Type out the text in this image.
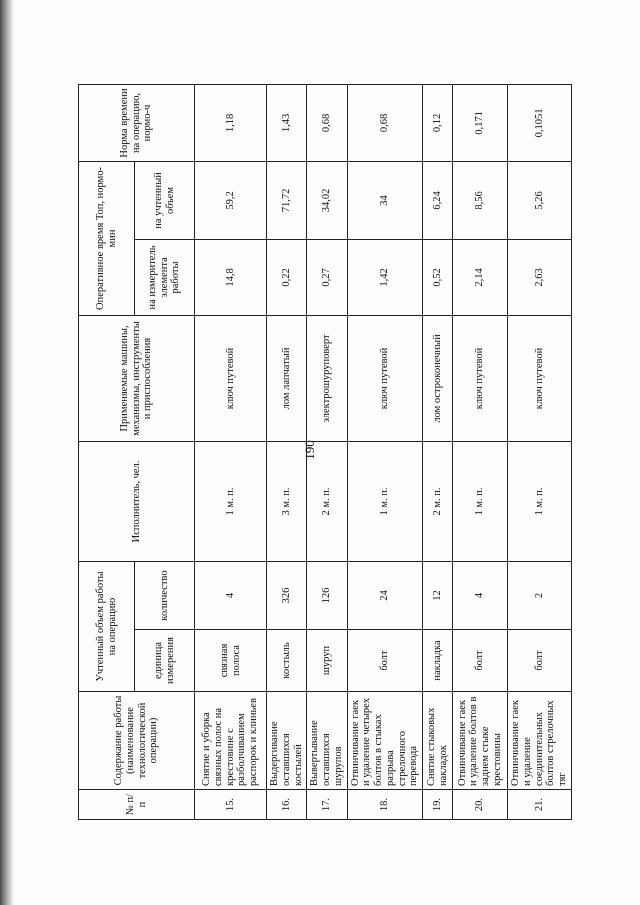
190
№ п/п	Содержание работы (наименование технологической операции)	Учтенный объем работы на операцию		Исполнитель, чел.	Применяемые машины, механизмы, инструменты и приспособления	Оперативное время Топ, нормо-мин		Норма времени на операцию, нормо-ч
		единица измерения	количество			на измеритель элемента работы	на учтенный объем	
15.	Снятие и уборка связных полос на крестовине с разболчиванием распорок и клиньев	связная полоса	4	1 м. п.	ключ путевой	14,8	59,2	1,18
16.	Выдергивание оставшихся костылей	костыль	326	3 м. п.	лом лапчатый	0,22	71,72	1,43
17.	Вывертывание оставшихся шурупов	шуруп	126	2 м. п.	электрошуруповерт	0,27	34,02	0,68
18.	Отвинчивание гаек и удаление четырех болтов в стыках разрыва стрелочного перевода	болт	24	1 м. п.	ключ путевой	1,42	34	0,68
19.	Снятие стыковых накладок	накладка	12	2 м. п.	лом остроконечный	0,52	6,24	0,12
20.	Отвинчивание гаек и удаление болтов в заднем стыке крестовины	болт	4	1 м. п.	ключ путевой	2,14	8,56	0,171
21.	Отвинчивание гаек и удаление соединительных болтов стрелочных тяг	болт	2	1 м. п.	ключ путевой	2,63	5,26	0,1051
